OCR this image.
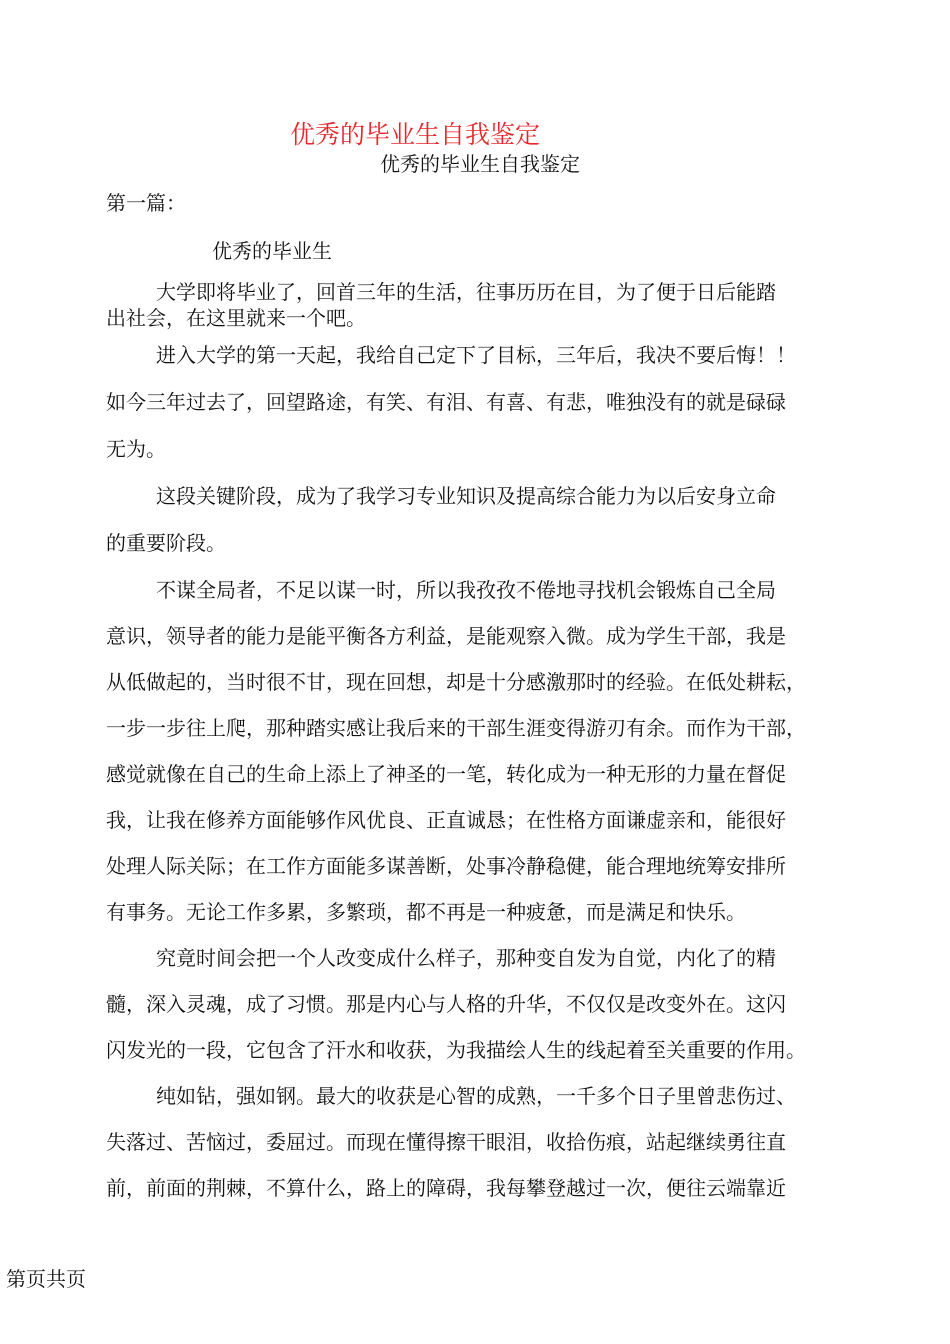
优秀的毕业生自我鉴定
优秀的毕业生自我鉴定
第一篇：
优秀的毕业生
大学即将毕业了，回首三年的生活，往事历历在目，为了便于日后能踏
出社会，在这里就来一个吧。
进入大学的第一天起，我给自己定下了目标，三年后，我决不要后悔！！
如今三年过去了，回望路途，有笑、有泪、有喜、有悲，唯独没有的就是碌碌
无为。
这段关键阶段，成为了我学习专业知识及提高综合能力为以后安身立命
的重要阶段。
不谋全局者，不足以谋一时，所以我孜孜不倦地寻找机会锻炼自己全局
意识，领导者的能力是能平衡各方利益，是能观察入微。成为学生干部，我是
从低做起的，当时很不甘，现在回想，却是十分感激那时的经验。在低处耕耘，
一步一步往上爬，那种踏实感让我后来的干部生涯变得游刃有余。而作为干部，
感觉就像在自己的生命上添上了神圣的一笔，转化成为一种无形的力量在督促
我，让我在修养方面能够作风优良、正直诚恳；在性格方面谦虚亲和，能很好
处理人际关际；在工作方面能多谋善断，处事冷静稳健，能合理地统筹安排所
有事务。无论工作多累，多繁琐，都不再是一种疲惫，而是满足和快乐。
究竟时间会把一个人改变成什么样子，那种变自发为自觉，内化了的精
髓，深入灵魂，成了习惯。那是内心与人格的升华，不仅仅是改变外在。这闪
闪发光的一段，它包含了汗水和收获，为我描绘人生的线起着至关重要的作用。
纯如钻，强如钢。最大的收获是心智的成熟，一千多个日子里曾悲伤过、
失落过、苦恼过，委屈过。而现在懂得擦干眼泪，收拾伤痕，站起继续勇往直
前，前面的荆棘，不算什么，路上的障碍，我每攀登越过一次，便往云端靠近
第页共页
